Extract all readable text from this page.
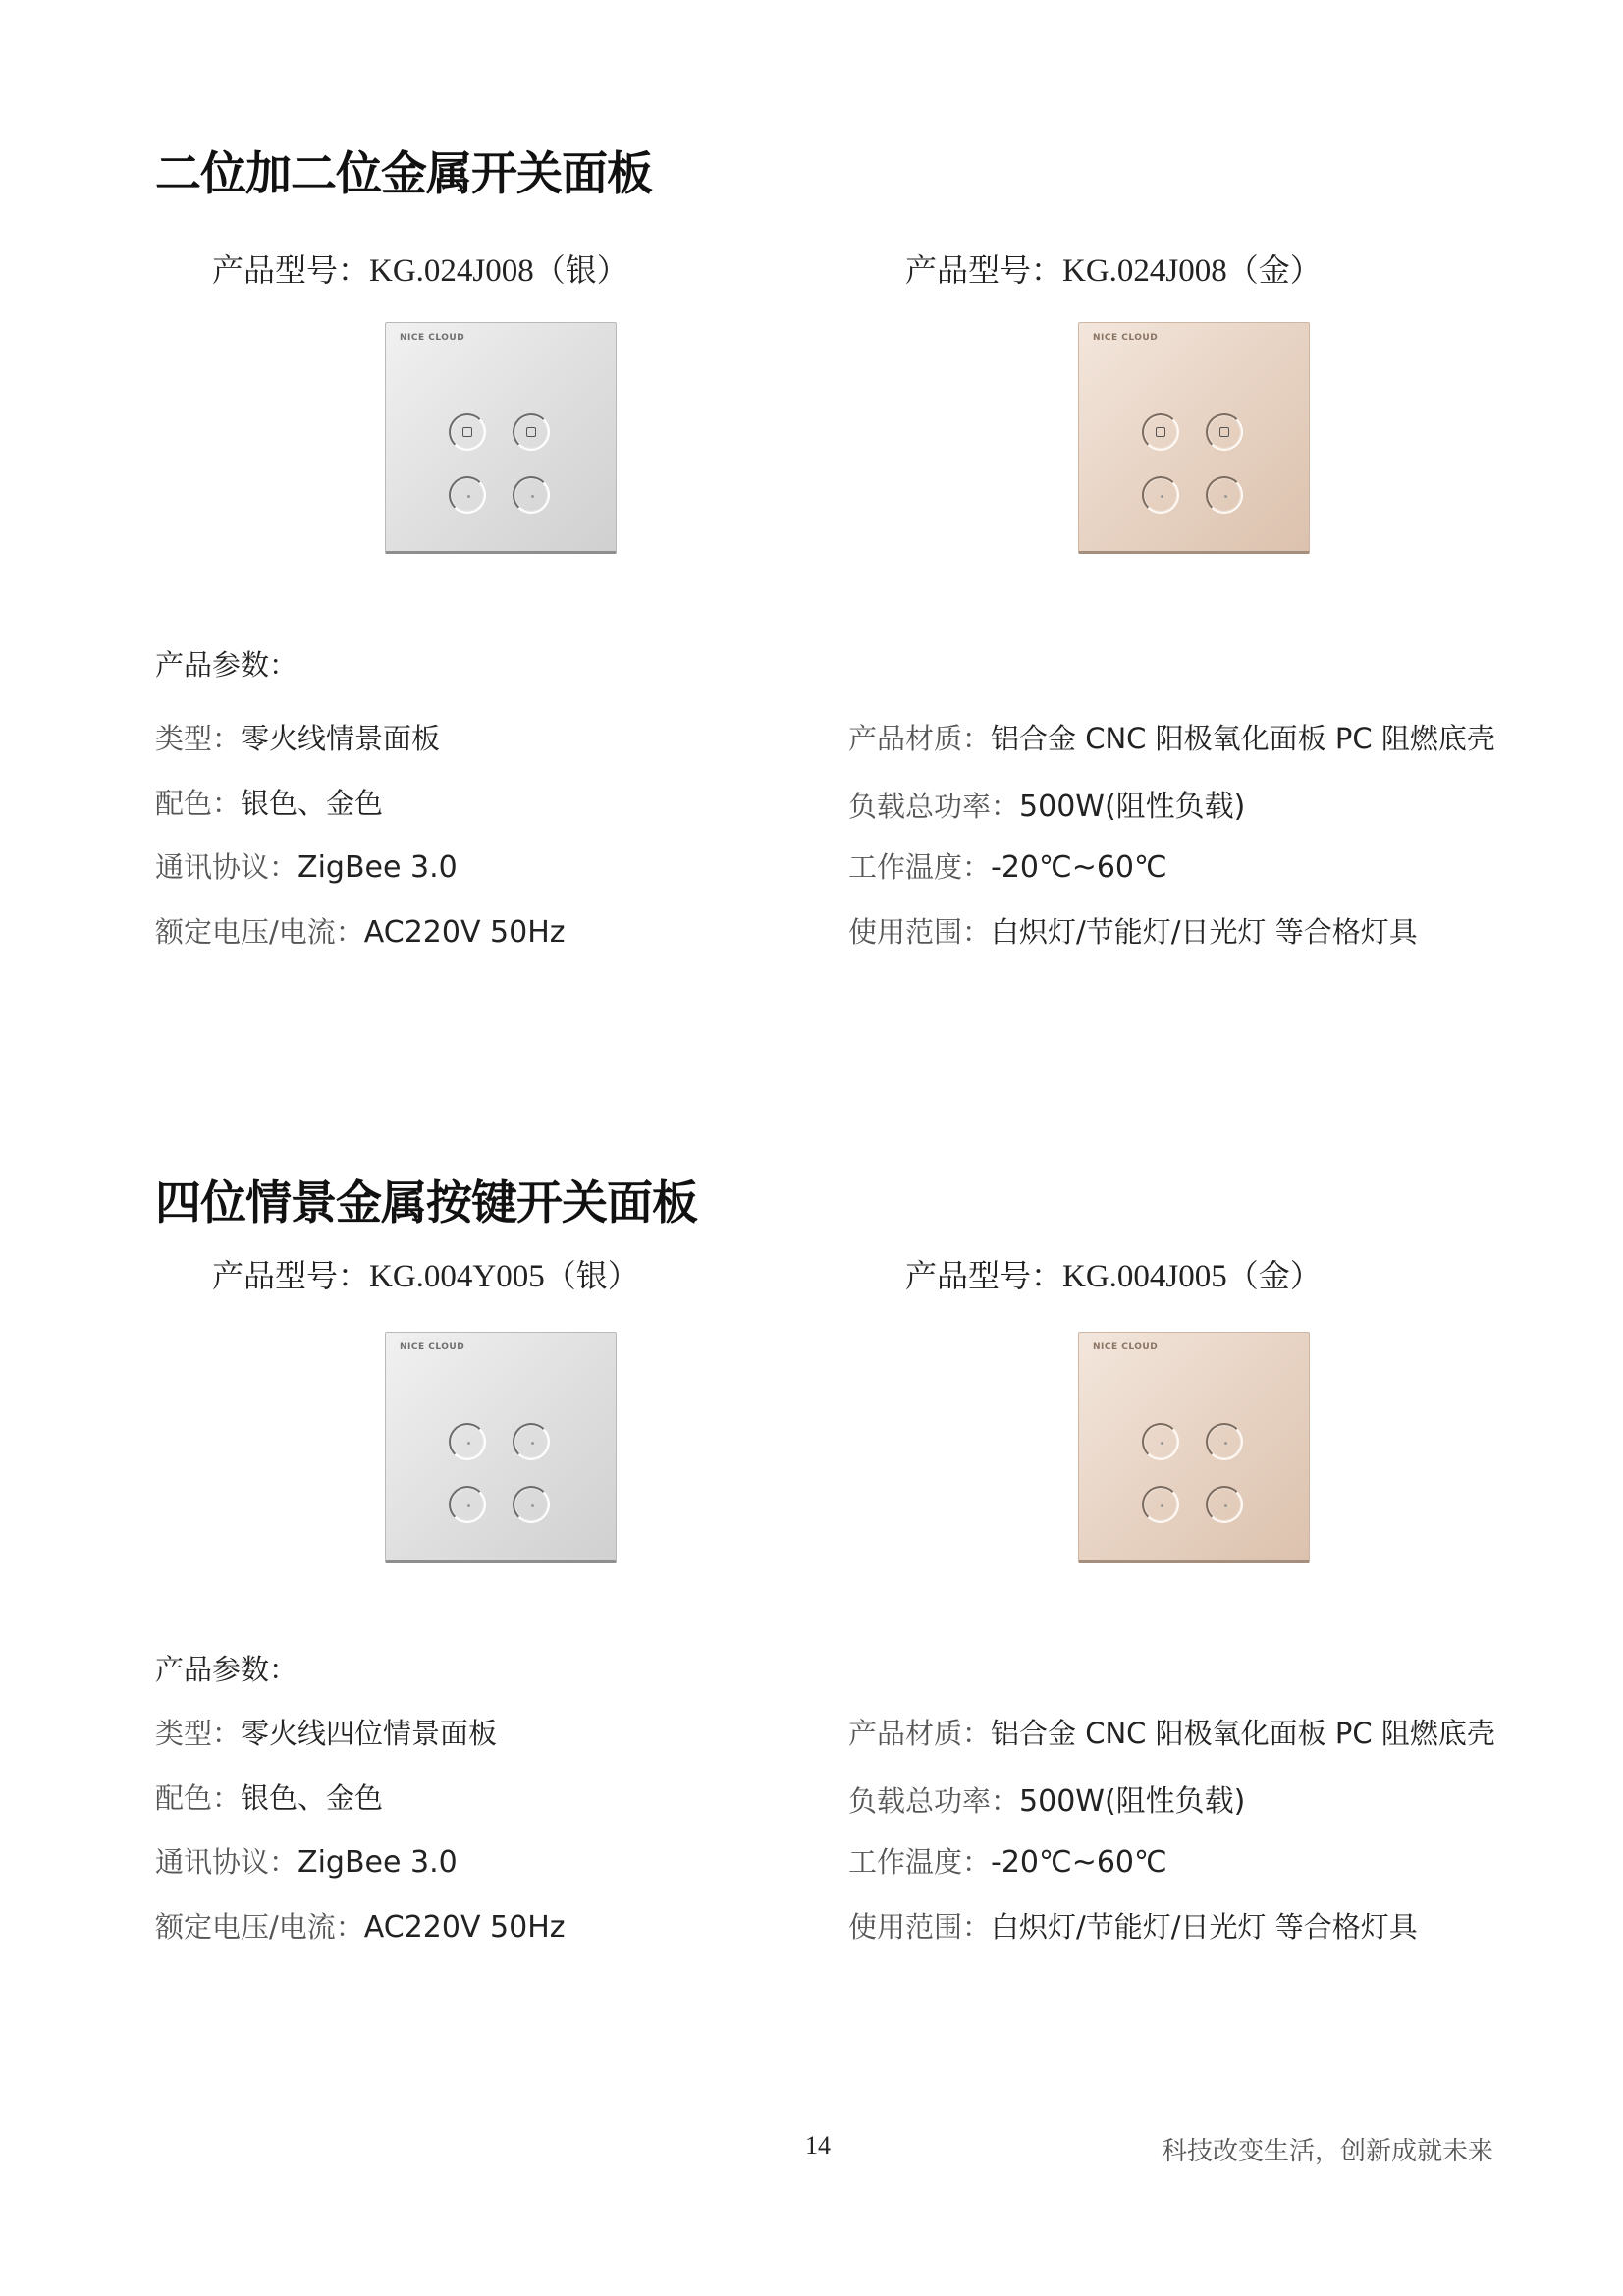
二位加二位金属开关面板
产品型号：KG.024J008（银）	产品型号：KG.024J008（金）
NICE CLOUD	NICE CLOUD
产品参数：
类型：零火线情景面板
配色：银色、金色
通讯协议：ZigBee 3.0
额定电压/电流：AC220V 50Hz
产品材质：铝合金 CNC 阳极氧化面板 PC 阻燃底壳
负载总功率：500W(阻性负载)
工作温度：-20℃~60℃
使用范围：白炽灯/节能灯/日光灯 等合格灯具
四位情景金属按键开关面板
产品型号：KG.004Y005（银）	产品型号：KG.004J005（金）
NICE CLOUD	NICE CLOUD
产品参数：
类型：零火线四位情景面板
配色：银色、金色
通讯协议：ZigBee 3.0
额定电压/电流：AC220V 50Hz
产品材质：铝合金 CNC 阳极氧化面板 PC 阻燃底壳
负载总功率：500W(阻性负载)
工作温度：-20℃~60℃
使用范围：白炽灯/节能灯/日光灯 等合格灯具
14	科技改变生活，创新成就未来
